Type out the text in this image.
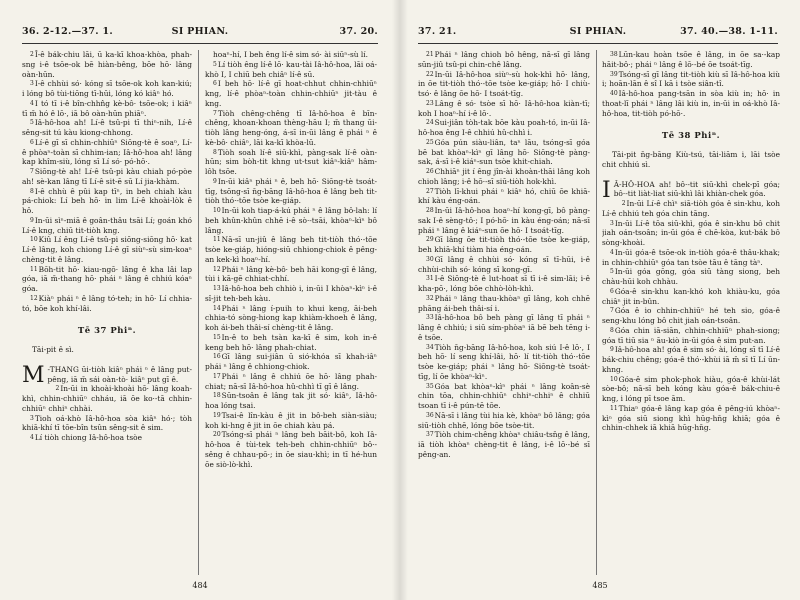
36. 2-12.—37. 1.	SI PHIAN.	37. 20.

2Î-ê bák-chiu lāi, ū ka-kī khoa-khòa, phah-sng i-ê tsōe-ok bē hiàn-bêng, bōe hō· lâng oàn-hūn.

3I-ê chhùi só· kóng sī tsōe-ok koh kan-kiú; i lóng bô tùi-tiōng tī-hūi, lóng kó kiâⁿ hó.

4I tó tī i-ê bîn-chhn̂g kè-bô· tsōe-ok; i kiâⁿ tī m̄ hó ê lō·, iā bô oàn-hūn phiāⁿ.

5Iâ-hô-hoa ah! Lí-ê tsû-pi tī thiⁿ-nih, Lí-ê sêng-sit tú kàu kiong-chhong.

6Lí-ê gī sī chhin-chhiūⁿ Siōng-tè ê soaⁿ, Lí-ê phòaⁿ-toàn sī chhim-ian; Iâ-hô-hoa ah! lâng kap khîm-siù, lóng sī Lí só· pó-hō·.

7Siōng-tè ah! Lí-ê tsû-pi kàu chiah pó-pòe ah! sè-kan lâng tī Lí-ê sit-ē sū Lí jia-khàm.

8I-ê chhù ê pûi kap tīⁿ, in beh chiah kàu pá-chiok: Lí beh hō· in lim Lí-ê khoài-lòk ê hô.

9In-ūi sìⁿ-miā ê goân-thâu tsāi Lí; goán khó Lí-ê kng, chiū tit-tiòh kng.

10Kiû Lí êng Lí-ê tsû-pi siōng-siōng hō· kat Lí-ê lâng, koh chiong Lí-ê gī siùⁿ-sù sim-koaⁿ chèng-tit ê lâng.

11Bōh-tit hō· kiau-ngō· lâng ê kha lâi lap góa, iā m̄-thang hō· phái ⁿ lâng ê chhiú kóaⁿ góa.

12Kiàⁿ phái ⁿ ê lâng tó-teh; in hō· Lí chhia-tó, bōe koh khí-lâi.

Tē 37 Phiⁿ.

Tāi-pit ê sì.

M -THANG ūi-tiòh kiâⁿ phái ⁿ ê lâng put-pêng, iā m̄ sái oàn-tò· kiâⁿ put gī ê.

2In-ūi in khoài-khoài hō· lâng koah-khì, chhin-chhiūⁿ chháu, iā ōe ko·-tā chhin-chhiūⁿ chhiⁿ chhài.

3Tioh oá-khò Iâ-hô-hoa sòa kiâⁿ hó·; tòh khiā-khí tī tōe-bîn tsûn sêng-sit ê sim.

4Lí tiòh chiong Iâ-hô-hoa tsòe

hoaⁿ-hí, I beh êng lí-ê sim só· ài siūⁿ-sù lí.

5Lí tiòh êng lí-ê lō· kau-tài Iâ-hô-hoa, lāi oá-khò I, I chiū beh chiâⁿ lí-ê sū.

6I beh hō· lí-ê gī hoat-chhut chhin-chhiūⁿ kng, lí-ê phòaⁿ-toàn chhin-chhiūⁿ jit-tàu ê kng.

7Tiòh chêng-chêng tī Iâ-hô-hoa ê bīn-chêng, khoan-khoan thèng-hāu I; m̄ thang ūi-tiòh lâng heng-óng, á-sī in-ūi lâng ê phái ⁿ ê kè-bô· chiâⁿ, lāi ka-kī khòa-lū.

8Tiòh soah lí-ê siū-khì, pàng-sak lí-ê oàn-hūn; sim bòh-tit khng ut-tsut kiâⁿ-kiâⁿ hâm-lôh tsōe.

9In-ūi kiâⁿ phái ⁿ ê, beh hō· Siōng-tè tsoát-tīg, tsōng-sī n̄g-bāng Iâ-hô-hoa ê lâng beh tit-tiòh thó·-tōe tsòe ke-giáp.

10In-ūi koh tiap-á-kú phái ⁿ ê lâng bô-lah: lí beh khûn-khûn chhē i-ê sò·-tsāi, khòaⁿ-kìⁿ bô lâng.

11Nā-sī un-jiû ê lâng beh tit-tiòh thó·-tōe tsòe ke-giáp, hióng-siū chhiong-chiok ê pêng-an kek-kì hoaⁿ-hí.

12Phái ⁿ lâng kè-bô· beh hāi kong-gī ê lâng, tùi i kā-gē chhiat-chhí.

13Iâ-hô-hoa beh chhiò i, in-ūi I khòaⁿ-kìⁿ i-ê sî-jit teh-beh kàu.

14Phái ⁿ lâng í-puih to khui keng, āi-beh chhia-tó sòng-hiong kap khiàm-khoeh ê lâng, koh ái-beh thâi-sí chèng-tit ê lâng.

15In-ê to beh tsàn ka-kī ê sim, koh in-ê keng beh hō· lâng phah-chiat.

16Gī lâng sui-jiân ū sió-khóa sī khah-iâⁿ phái ⁿ lâng ê chhiong-chiok.

17Phái ⁿ lâng ê chhiú ōe hō· lâng phah-chiat; nā-sī Iâ-hô-hoa hû-chhì tī gī ê lâng.

18Sūn-tsoân ê lâng tak jit só· kiâⁿ, Iâ-hô-hoa lóng tsai.

19Tsai-ê lîn-kàu ê jit in bô-beh siàn-siàu; koh ki-hng ê jit in ōe chiah kàu pá.

20Tsóng-sī phái ⁿ lâng beh bāit-bô, koh Iâ-hô-hoa ê tùi-tek teh-beh chhin-chhiūⁿ bô·-sêng ê chhau-pō·; in ōe siau-khì; in tī hé-hun ōe siò-lò-khì.

484
37. 21.	SI PHIAN.	37. 40.—38. 1-11.

21Phái ⁿ lâng chioh bô hêng, nā-sī gī lâng sūn-jiû tsû-pi chin-chê lâng.

22In-ūi Iâ-hô-hoa siùⁿ-sù hok-khì hō· lâng, in ōe tit-tiòh thó·-tōe tsòe ke-giáp; hō· I chiù-tsó· ê lâng ōe hō· I tsoát-tīg.

23Lâng ê só· tsòe sī hō· Iâ-hô-hoa kiàn-tī; koh I hoaⁿ-hí i-ê lō·.

24Sui-jiân tòh-tak bōe kàu poah-tó, in-ūi Iâ-hô-hoa êng I-ê chhiú hû-chhì i.

25Góa pún siàu-liân, taⁿ lāu, tsóng-sī góa bē bat khòaⁿ-kìⁿ gī lâng hō· Siōng-tè pàng-sak, á-sī i-ê kiáⁿ-sun tsòe khit-chiah.

26Chhiāⁿ jit í êng jîn-ài khoàn-thāi lâng koh chioh lâng; i-ê hō·-sī siū-tiòh hok-khì.

27Tiòh lī-khui phái ⁿ kiâⁿ hó, chiū ōe khiā-khí kàu éng-oán.

28In-ūi Iâ-hô-hoa hoaⁿ-hí kong-gī, bô pàng-sak I-ê sèng-tô·; I pó-hō· in kàu éng-oán; nā-sī phái ⁿ lâng ê kiáⁿ-sun ōe hō· I tsoát-tīg.

29Gī lâng ōe tit-tiòh thó·-tōe tsòe ke-giáp, beh khiā-khí tiàm hia éng-oán.

30Gī lâng ê chhùi só· kóng sī tī-hūi, i-ê chhùi-chih só· kóng sī kong-gī.

31I-ê Siōng-tè ê lut-hoat sī tī i-ê sim-lāi; i-ê kha-pō·, lóng bōe chhò-lòh-khì.

32Phái ⁿ lâng thau-khòaⁿ gī lâng, koh chhē phāng ái-beh thâi-sí i.

33Iâ-hô-hoa bô beh pàng gī lâng tī phái ⁿ lâng ê chhiú; i siū sím-phòaⁿ iā bē beh tēng i-ê tsōe.

34Tiòh n̄g-bāng Iâ-hô-hoa, koh siú I-ê lō·, I beh hō· lí seng khí-lâi, hō· lí tit-tiòh thó·-tōe tsòe ke-giáp; phái ⁿ lâng hō· Siōng-tè tsoát-tīg, lí ōe khòaⁿ-kìⁿ.

35Góa bat khòaⁿ-kìⁿ phái ⁿ lâng koân-sè chin tōa, chhin-chhiūⁿ chhiⁿ-chhiⁿ ê chhiū tsoan tī i-ê pún-tē tōe.

36Nā-sī i lâng tùi hia kè, khòaⁿ bô lâng; góa siū-tiòh chhē, lóng bōe tsòe-tit.

37Tiòh chim-chêng khòaⁿ chiâu-tsn̄g ê lâng, iā tiòh khòaⁿ chèng-tit ê lâng, i-ê lō·-bé sī pêng-an.

38Lūn-kau hoàn tsōe ê lâng, in ōe sa·-kap hāit-bô·; phái ⁿ lâng ê lō·-bé ōe tsoát-tīg.

39Tsóng-sī gī lâng tit-tiòh kiù sī Iâ-hô-hoa kiù i; hoān-lān ê sî I kā i tsòe siân-tî.

40Iâ-hô-hoa pang-tsān in sòa kiù in; hō· in thoat-lī phái ⁿ lâng lâi kiù in, in-ūi in oá-khò Iâ-hô-hoa, tit-tiòh pó-hō·.

Tē 38 Phiⁿ.

Tāi-pit n̄g-bāng Kiù-tsú, tāi-liām i, lāi tsòe chit chhiú sì.

I Â-HÔ-HOA ah! bô·-tit siū-khì chek-pī góa; bô·-tit liàt-liat siū-khì lâi khiàn-chek góa.

2In-ūi Lí-ê chìⁿ siā-tiòh góa ê sin-khu, koh Lí-ê chhiú teh góa chin tāng.

3In-ūi Lí-ê tōa siū-khì, góa ê sin-khu bô chit jiah oán-tsoân; in-ūi góa ê chē-kòa, kut-bák bô sòng-khoài.

4In-ūi góa-ê tsōe-ok in-tiòh góa-ê thâu-khak; in chhin-chhiūⁿ góa tan tsòe tāu ê tāng tàⁿ.

5In-ūi góa gōng, góa siū tàng siong, beh chàu-hūi koh chhàu.

6Góa-ê sin-khu kan-khó koh khiàu-ku, góa chiâⁿ jit in-bûn.

7Góa ê io chhin-chhiūⁿ hé teh sio, góa-ê seng-khu lóng bô chit jiah oán-tsoân.

8Góa chin iā-siān, chhin-chhiūⁿ phah-siong; góa tī tiū sia ⁿ āu-kiò in-ūi góa ê sim put-an.

9Iâ-hô-hoa ah! góa ê sim só· ài, lóng sī tī Lí-ê bák-chiu chêng; góa-ê thó·-khùi iā m̄ sī tī Lí ūn-khng.

10Góa-ê sim phok-phok hiàu, góa-ê khùi-lát sòe-bô; nā-sī beh kóng kàu góa-ê bák-chiu-ê kng, i lóng pī tsoe ām.

11Thiaⁿ góa-ê lâng kap góa ê pêng-iú khòaⁿ-kìⁿ góa siū siong khì hūg-hn̄g khiā; góa ê chhin-chhek iā khiā hūg-hn̄g.

485
